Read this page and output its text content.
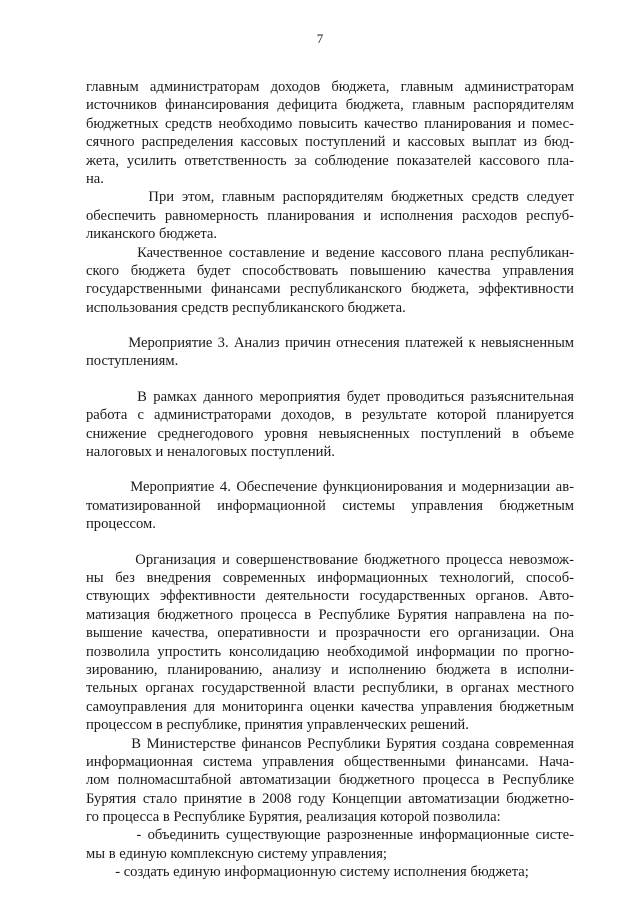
7
главным администраторам доходов бюджета, главным администраторам
источников финансирования дефицита бюджета, главным распорядителям
бюджетных средств необходимо повысить качество планирования и помес-
сячного распределения кассовых поступлений и кассовых выплат из бюд-
жета, усилить ответственность за соблюдение показателей кассового пла-
на.
При этом, главным распорядителям бюджетных средств следует
обеспечить равномерность планирования и исполнения расходов респуб-
ликанского бюджета.
Качественное составление и ведение кассового плана республикан-
ского бюджета будет способствовать повышению качества управления
государственными финансами республиканского бюджета, эффективности
использования средств республиканского бюджета.
Мероприятие 3. Анализ причин отнесения платежей к невыясненным
поступлениям.
В рамках данного мероприятия будет проводиться разъяснительная
работа с администраторами доходов, в результате которой планируется
снижение среднегодового уровня невыясненных поступлений в объеме
налоговых и неналоговых поступлений.
Мероприятие 4. Обеспечение функционирования и модернизации ав-
томатизированной информационной системы управления бюджетным
процессом.
Организация и совершенствование бюджетного процесса невозмож-
ны без внедрения современных информационных технологий, способ-
ствующих эффективности деятельности государственных органов. Авто-
матизация бюджетного процесса в Республике Бурятия направлена на по-
вышение качества, оперативности и прозрачности его организации. Она
позволила упростить консолидацию необходимой информации по прогно-
зированию, планированию, анализу и исполнению бюджета в исполни-
тельных органах государственной власти республики, в органах местного
самоуправления для мониторинга оценки качества управления бюджетным
процессом в республике, принятия управленческих решений.
В Министерстве финансов Республики Бурятия создана современная
информационная система управления общественными финансами. Нача-
лом полномасштабной автоматизации бюджетного процесса в Республике
Бурятия стало принятие в 2008 году Концепции автоматизации бюджетно-
го процесса в Республике Бурятия, реализация которой позволила:
- объединить существующие разрозненные информационные систе-
мы в единую комплексную систему управления;
- создать единую информационную систему исполнения бюджета;
